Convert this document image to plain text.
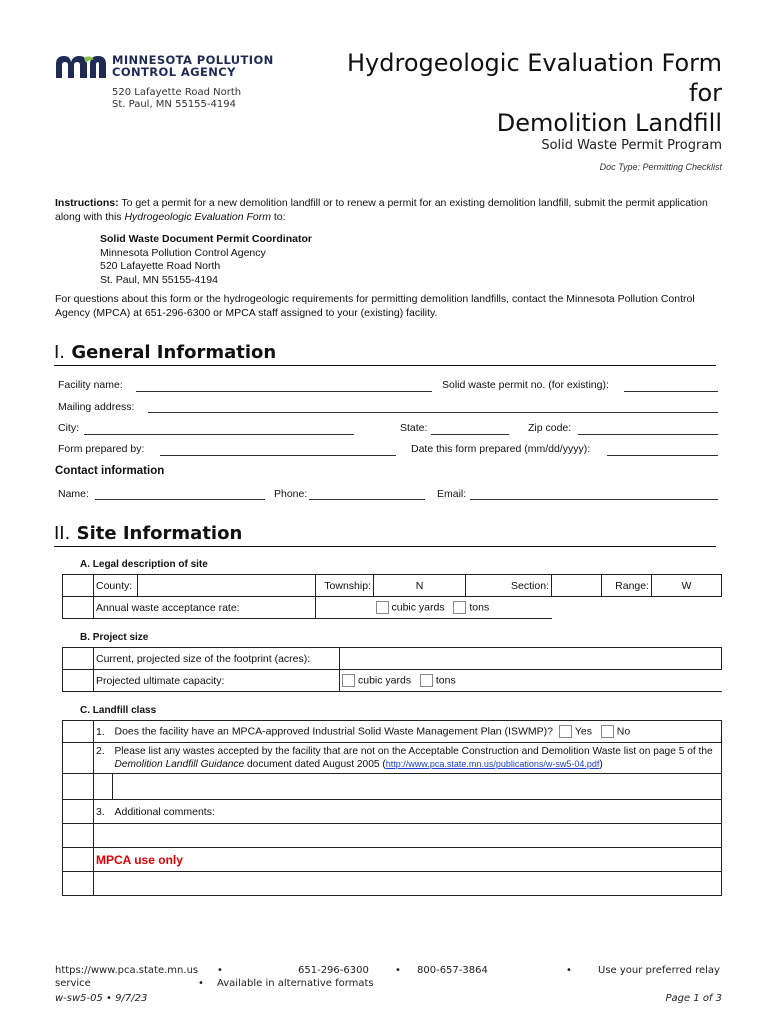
MINNESOTA POLLUTION
CONTROL AGENCY
520 Lafayette Road North
St. Paul, MN 55155-4194
Hydrogeologic Evaluation Form
for
Demolition Landfill
Solid Waste Permit Program
Doc Type: Permitting Checklist
Instructions: To get a permit for a new demolition landfill or to renew a permit for an existing demolition landfill, submit the permit application along with this Hydrogeologic Evaluation Form to:
Solid Waste Document Permit Coordinator
Minnesota Pollution Control Agency
520 Lafayette Road North
St. Paul, MN 55155-4194
For questions about this form or the hydrogeologic requirements for permitting demolition landfills, contact the Minnesota Pollution Control Agency (MPCA) at 651-296-6300 or MPCA staff assigned to your (existing) facility.
I. General Information
Facility name:	Solid waste permit no. (for existing):
Mailing address:
City:	State:	Zip code:
Form prepared by:	Date this form prepared (mm/dd/yyyy):
Contact information
Name:	Phone:	Email:
II. Site Information
A. Legal description of site
	County:		Township:	N	Section:		Range:	W
	Annual waste acceptance rate:			cubic yards tons				
B. Project size
	Current, projected size of the footprint (acres):	
	Projected ultimate capacity:	cubic yards tons
C. Landfill class
	1.	Does the facility have an MPCA-approved Industrial Solid Waste Management Plan (ISWMP)? Yes No
	2.	Please list any wastes accepted by the facility that are not on the Acceptable Construction and Demolition Waste list on page 5 of the Demolition Landfill Guidance document dated August 2005 (http://www.pca.state.mn.us/publications/w-sw5-04.pdf)

	3.	Additional comments:

	MPCA use only	

https://www.pca.state.mn.us •	651-296-6300	• 800-657-3864	•	Use your preferred relay
service	• Available in alternative formats
w-sw5-05 • 9/7/23	Page 1 of 3
